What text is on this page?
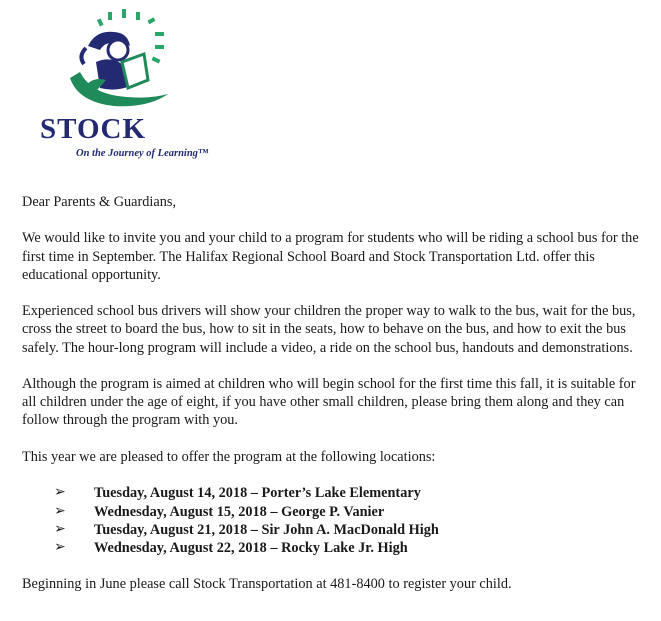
STOCK
On the Journey of Learning™

Dear Parents & Guardians,

We would like to invite you and your child to a program for students who will be riding a school bus for the first time in September. The Halifax Regional School Board and Stock Transportation Ltd. offer this educational opportunity.

Experienced school bus drivers will show your children the proper way to walk to the bus, wait for the bus, cross the street to board the bus, how to sit in the seats, how to behave on the bus, and how to exit the bus safely. The hour-long program will include a video, a ride on the school bus, handouts and demonstrations.

Although the program is aimed at children who will begin school for the first time this fall, it is suitable for all children under the age of eight, if you have other small children, please bring them along and they can follow through the program with you.

This year we are pleased to offer the program at the following locations:

➢ Tuesday, August 14, 2018 – Porter’s Lake Elementary
➢ Wednesday, August 15, 2018 – George P. Vanier
➢ Tuesday, August 21, 2018 – Sir John A. MacDonald High
➢ Wednesday, August 22, 2018 – Rocky Lake Jr. High

Beginning in June please call Stock Transportation at 481-8400 to register your child.
